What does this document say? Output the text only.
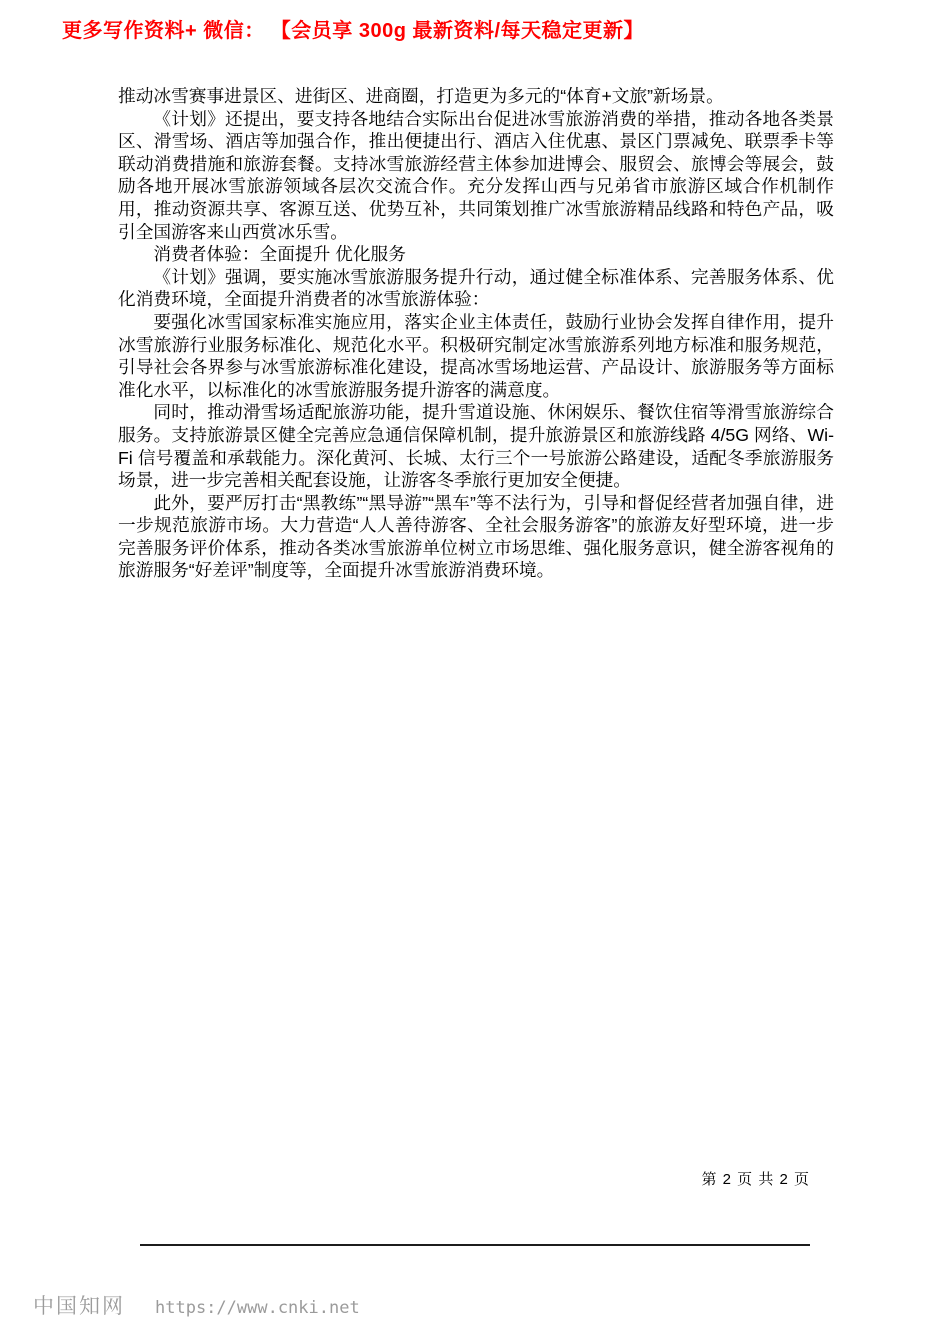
更多写作资料+ 微信： 【会员享 300g 最新资料/每天稳定更新】

推动冰雪赛事进景区、进街区、进商圈，打造更为多元的“体育+文旅”新场景。

《计划》还提出，要支持各地结合实际出台促进冰雪旅游消费的举措，推动各地各类景区、滑雪场、酒店等加强合作，推出便捷出行、酒店入住优惠、景区门票减免、联票季卡等联动消费措施和旅游套餐。支持冰雪旅游经营主体参加进博会、服贸会、旅博会等展会，鼓励各地开展冰雪旅游领域各层次交流合作。充分发挥山西与兄弟省市旅游区域合作机制作用，推动资源共享、客源互送、优势互补，共同策划推广冰雪旅游精品线路和特色产品，吸引全国游客来山西赏冰乐雪。

消费者体验：全面提升 优化服务

《计划》强调，要实施冰雪旅游服务提升行动，通过健全标准体系、完善服务体系、优化消费环境，全面提升消费者的冰雪旅游体验：

要强化冰雪国家标准实施应用，落实企业主体责任，鼓励行业协会发挥自律作用，提升冰雪旅游行业服务标准化、规范化水平。积极研究制定冰雪旅游系列地方标准和服务规范，引导社会各界参与冰雪旅游标准化建设，提高冰雪场地运营、产品设计、旅游服务等方面标准化水平，以标准化的冰雪旅游服务提升游客的满意度。

同时，推动滑雪场适配旅游功能，提升雪道设施、休闲娱乐、餐饮住宿等滑雪旅游综合服务。支持旅游景区健全完善应急通信保障机制，提升旅游景区和旅游线路 4/5G 网络、Wi-Fi 信号覆盖和承载能力。深化黄河、长城、太行三个一号旅游公路建设，适配冬季旅游服务场景，进一步完善相关配套设施，让游客冬季旅行更加安全便捷。

此外，要严厉打击“黑教练”“黑导游”“黑车”等不法行为，引导和督促经营者加强自律，进一步规范旅游市场。大力营造“人人善待游客、全社会服务游客”的旅游友好型环境，进一步完善服务评价体系，推动各类冰雪旅游单位树立市场思维、强化服务意识，健全游客视角的旅游服务“好差评”制度等，全面提升冰雪旅游消费环境。

第 2 页 共 2 页
中国知网 https://www.cnki.net
